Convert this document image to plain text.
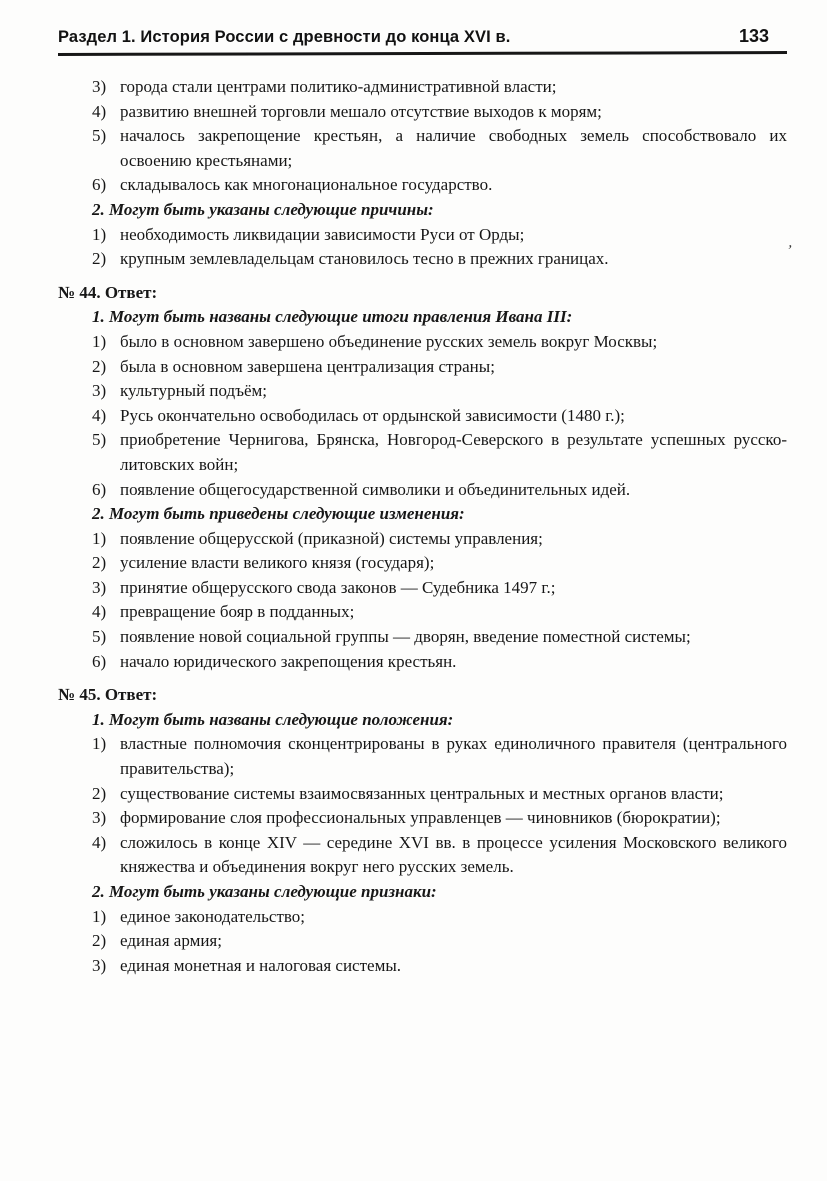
Раздел 1. История России с древности до конца XVI в.	133
3) города стали центрами политико-административной власти;
4) развитию внешней торговли мешало отсутствие выходов к морям;
5) началось закрепощение крестьян, а наличие свободных земель способствовало их освоению крестьянами;
6) складывалось как многонациональное государство.
2. Могут быть указаны следующие причины:
1) необходимость ликвидации зависимости Руси от Орды;
2) крупным землевладельцам становилось тесно в прежних границах.
№ 44. Ответ:
1. Могут быть названы следующие итоги правления Ивана III:
1) было в основном завершено объединение русских земель вокруг Москвы;
2) была в основном завершена централизация страны;
3) культурный подъём;
4) Русь окончательно освободилась от ордынской зависимости (1480 г.);
5) приобретение Чернигова, Брянска, Новгород-Северского в результате успешных русско-литовских войн;
6) появление общегосударственной символики и объединительных идей.
2. Могут быть приведены следующие изменения:
1) появление общерусской (приказной) системы управления;
2) усиление власти великого князя (государя);
3) принятие общерусского свода законов — Судебника 1497 г.;
4) превращение бояр в подданных;
5) появление новой социальной группы — дворян, введение поместной системы;
6) начало юридического закрепощения крестьян.
№ 45. Ответ:
1. Могут быть названы следующие положения:
1) властные полномочия сконцентрированы в руках единоличного правителя (центрального правительства);
2) существование системы взаимосвязанных центральных и местных органов власти;
3) формирование слоя профессиональных управленцев — чиновников (бюрократии);
4) сложилось в конце XIV — середине XVI вв. в процессе усиления Московского великого княжества и объединения вокруг него русских земель.
2. Могут быть указаны следующие признаки:
1) единое законодательство;
2) единая армия;
3) единая монетная и налоговая системы.
’
